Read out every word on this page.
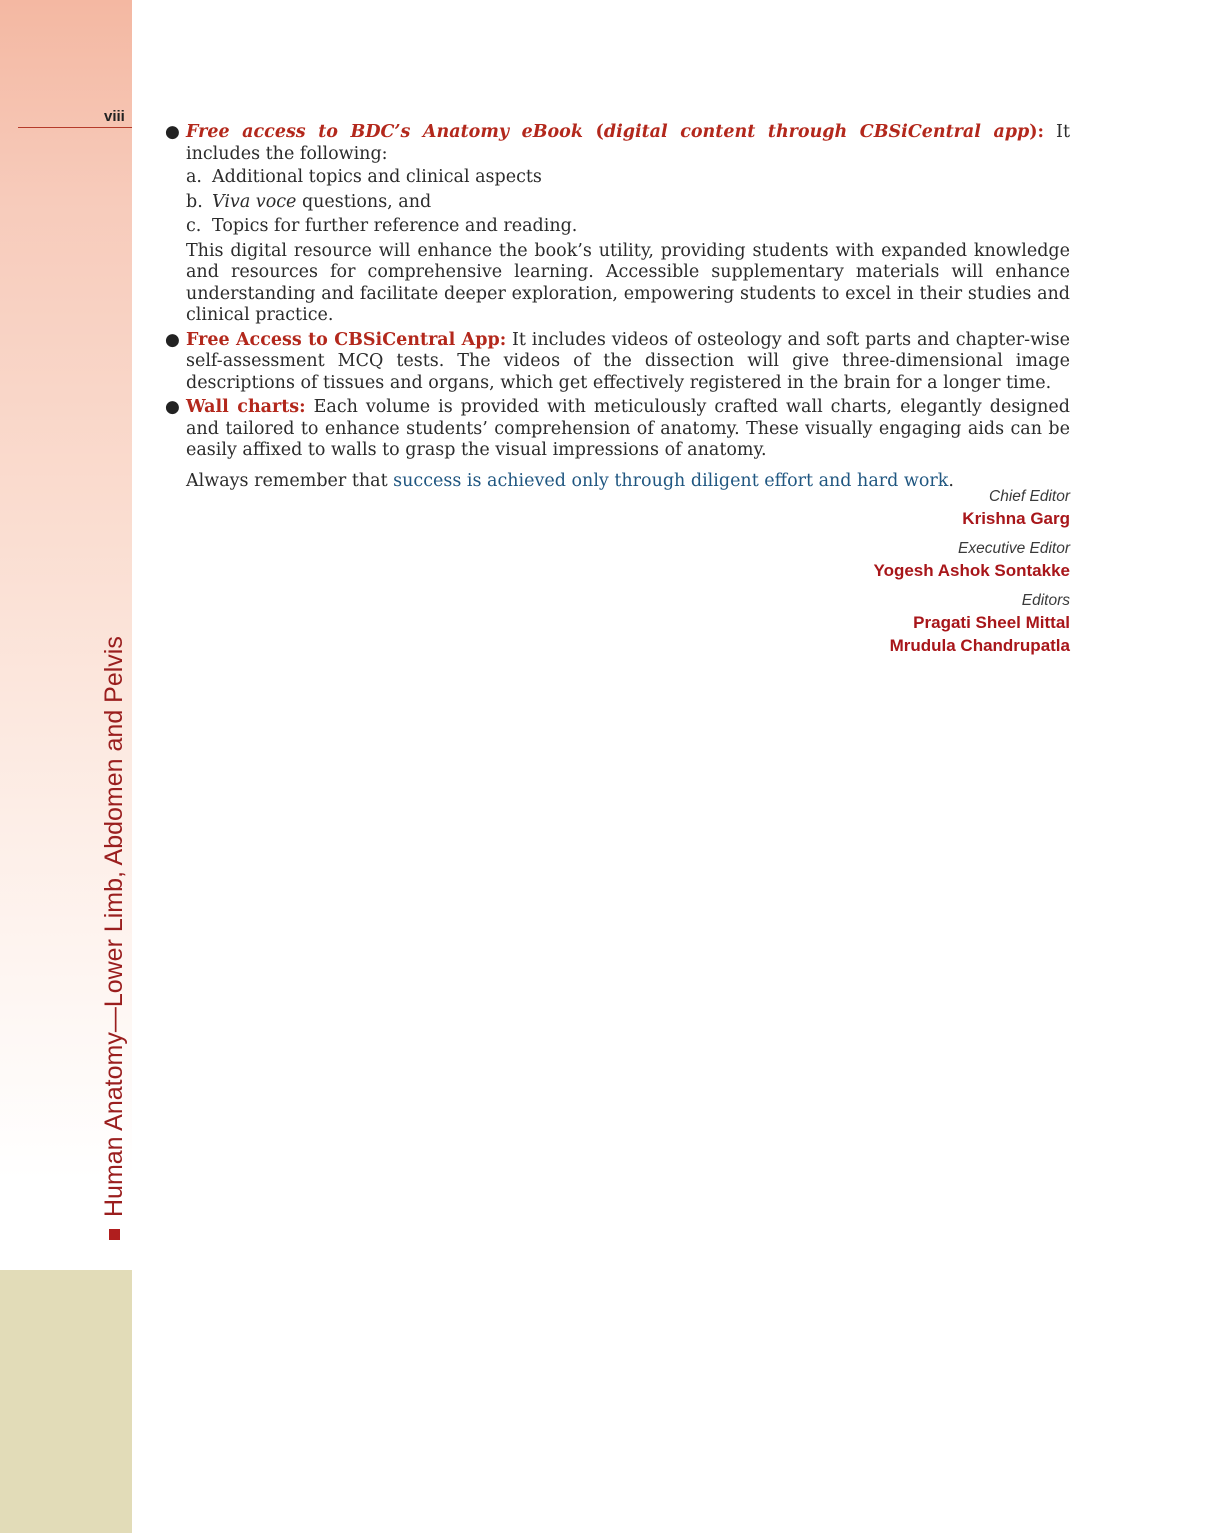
viii
Human Anatomy—Lower Limb, Abdomen and Pelvis
● Free access to BDC’s Anatomy eBook (digital content through CBSiCentral app): It includes the following:
a. Additional topics and clinical aspects
b. Viva voce questions, and
c. Topics for further reference and reading.
This digital resource will enhance the book’s utility, providing students with expanded knowledge and resources for comprehensive learning. Accessible supplementary materials will enhance understanding and facilitate deeper exploration, empowering students to excel in their studies and clinical practice.
● Free Access to CBSiCentral App: It includes videos of osteology and soft parts and chapter-wise self-assessment MCQ tests. The videos of the dissection will give three-dimensional image descriptions of tissues and organs, which get effectively registered in the brain for a longer time.
● Wall charts: Each volume is provided with meticulously crafted wall charts, elegantly designed and tailored to enhance students’ comprehension of anatomy. These visually engaging aids can be easily affixed to walls to grasp the visual impressions of anatomy.
Always remember that success is achieved only through diligent effort and hard work.
Chief Editor
Krishna Garg
Executive Editor
Yogesh Ashok Sontakke
Editors
Pragati Sheel Mittal
Mrudula Chandrupatla
